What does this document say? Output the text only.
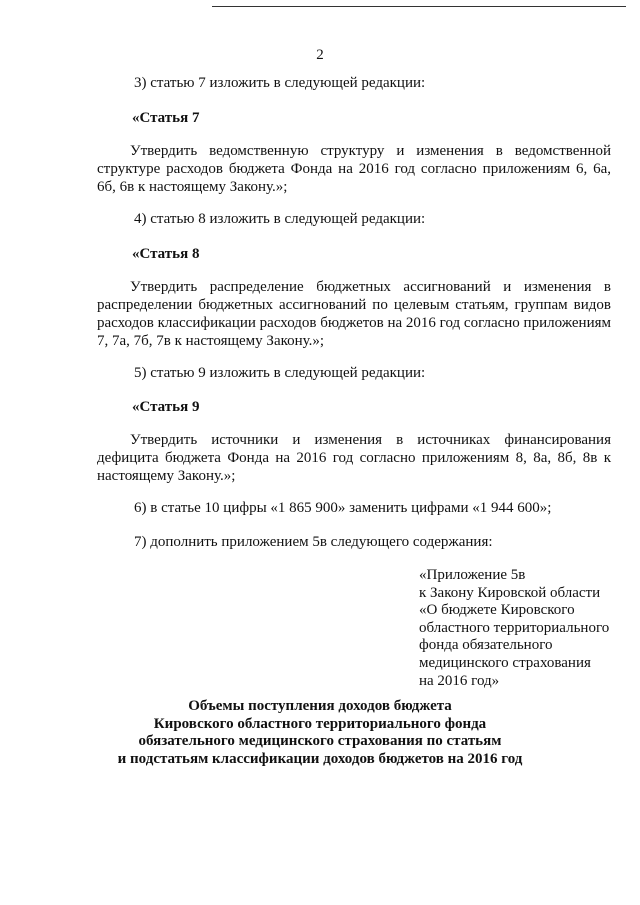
2
3) статью 7 изложить в следующей редакции:
«Статья 7
Утвердить ведомственную структуру и изменения в ведомственной структуре расходов бюджета Фонда на 2016 год согласно приложениям 6, 6а, 6б, 6в к настоящему Закону.»;
4) статью 8 изложить в следующей редакции:
«Статья 8
Утвердить распределение бюджетных ассигнований и изменения в распределении бюджетных ассигнований по целевым статьям, группам видов расходов классификации расходов бюджетов на 2016 год согласно приложениям 7, 7а, 7б, 7в к настоящему Закону.»;
5) статью 9 изложить в следующей редакции:
«Статья 9
Утвердить источники и изменения в источниках финансирования дефицита бюджета Фонда на 2016 год согласно приложениям 8, 8а, 8б, 8в к настоящему Закону.»;
6) в статье 10 цифры «1 865 900» заменить цифрами «1 944 600»;
7) дополнить приложением 5в следующего содержания:
«Приложение 5в
к Закону Кировской области
«О бюджете Кировского
областного территориального
фонда обязательного
медицинского страхования
на 2016 год»
Объемы поступления доходов бюджета
Кировского областного территориального фонда
обязательного медицинского страхования по статьям
и подстатьям классификации доходов бюджетов на 2016 год
